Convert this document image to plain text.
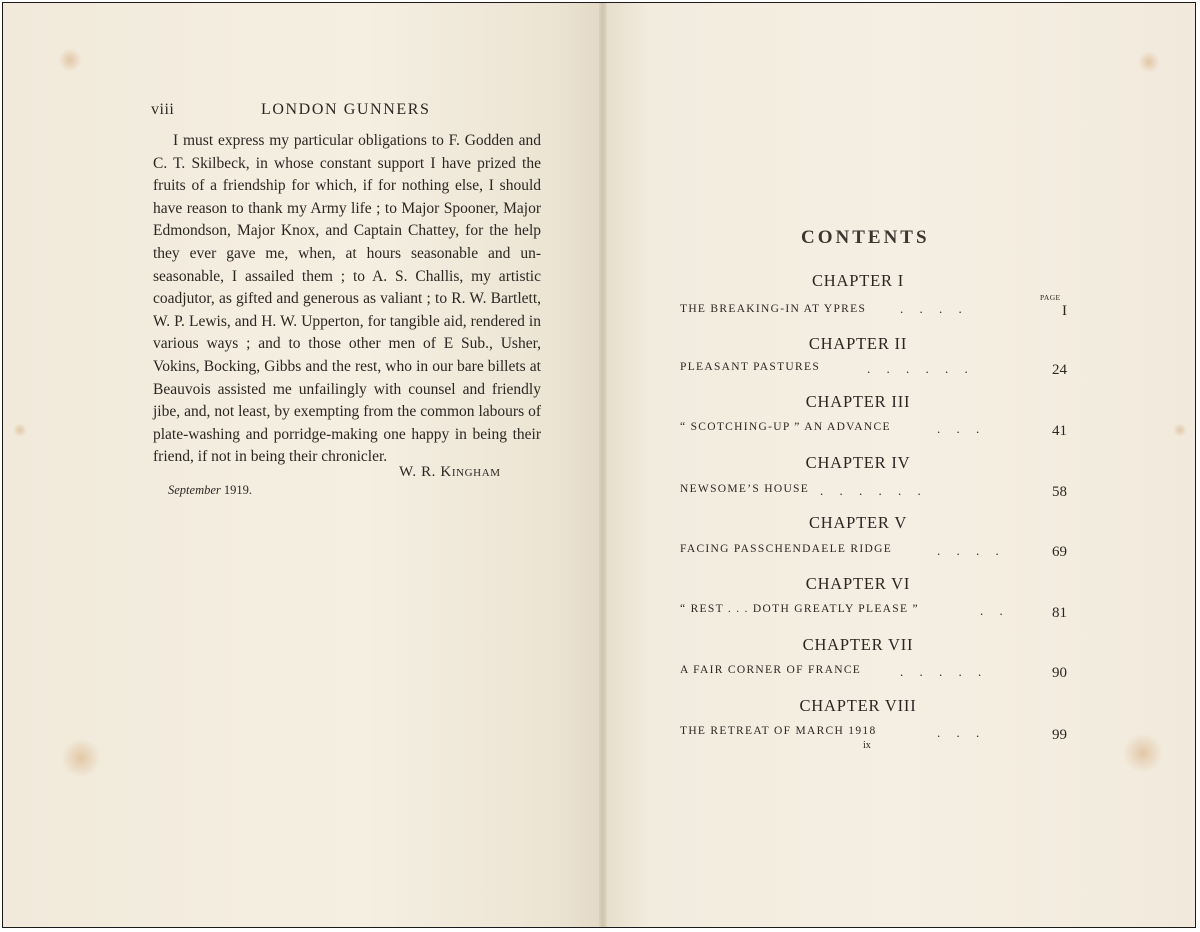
viii	LONDON GUNNERS

I must express my particular obligations to F. Godden and C. T. Skilbeck, in whose constant support I have prized the fruits of a friendship for which, if for nothing else, I should have reason to thank my Army life ; to Major Spooner, Major Edmondson, Major Knox, and Captain Chattey, for the help they ever gave me, when, at hours seasonable and un-seasonable, I assailed them ; to A. S. Challis, my artistic coadjutor, as gifted and generous as valiant ; to R. W. Bartlett, W. P. Lewis, and H. W. Upperton, for tangible aid, rendered in various ways ; and to those other men of E Sub., Usher, Vokins, Bocking, Gibbs and the rest, who in our bare billets at Beauvois assisted me unfailingly with counsel and friendly jibe, and, not least, by exempting from the common labours of plate-washing and porridge-making one happy in being their friend, if not in being their chronicler.

W. R. Kingham
September 1919.
CONTENTS
PAGE
CHAPTER I
THE BREAKING-IN AT YPRES	.     .     .     .	I
CHAPTER II
PLEASANT PASTURES	.     .     .     .     .     .	24
CHAPTER III
“ SCOTCHING-UP ” AN ADVANCE	.     .     .	41
CHAPTER IV
NEWSOME’S HOUSE .     .     .     .     .     .	58
CHAPTER V
FACING PASSCHENDAELE RIDGE	.     .     .     .	69
CHAPTER VI
“ REST . . . DOTH GREATLY PLEASE ”	.     .	81
CHAPTER VII
A FAIR CORNER OF FRANCE	.     .     .     .     .	90
CHAPTER VIII
THE RETREAT OF MARCH 1918	.     .     .	99
ix
